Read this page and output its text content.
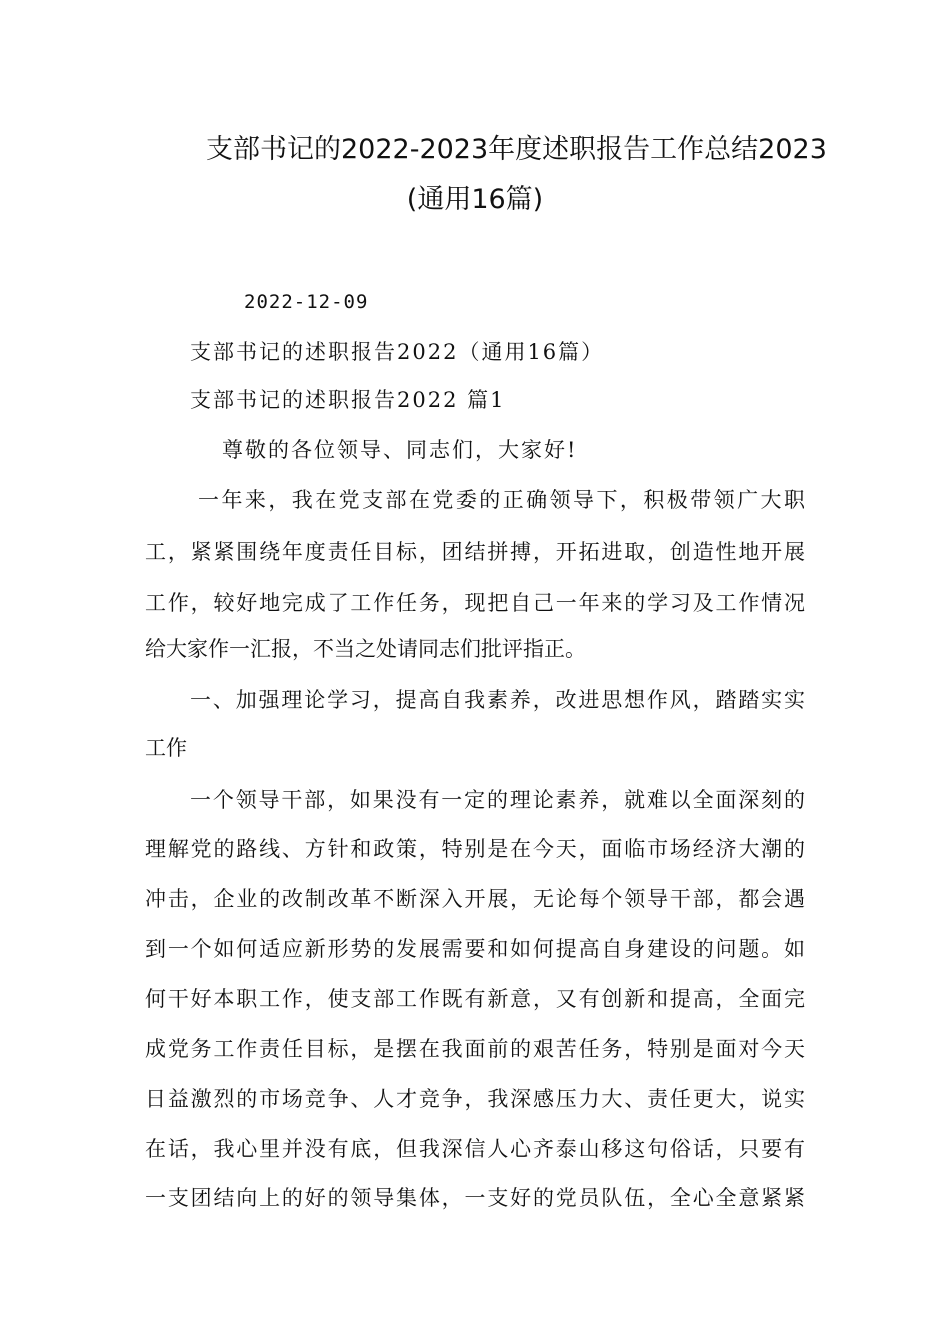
支部书记的2022-2023年度述职报告工作总结2023
(通用16篇)
2022-12-09
支部书记的述职报告2022（通用16篇）
支部书记的述职报告2022 篇1
尊敬的各位领导、同志们，大家好!
一年来，我在党支部在党委的正确领导下，积极带领广大职
工，紧紧围绕年度责任目标，团结拼搏，开拓进取，创造性地开展
工作，较好地完成了工作任务，现把自己一年来的学习及工作情况
给大家作一汇报，不当之处请同志们批评指正。
一、加强理论学习，提高自我素养，改进思想作风，踏踏实实
工作
一个领导干部，如果没有一定的理论素养，就难以全面深刻的
理解党的路线、方针和政策，特别是在今天，面临市场经济大潮的
冲击，企业的改制改革不断深入开展，无论每个领导干部，都会遇
到一个如何适应新形势的发展需要和如何提高自身建设的问题。如
何干好本职工作，使支部工作既有新意，又有创新和提高，全面完
成党务工作责任目标，是摆在我面前的艰苦任务，特别是面对今天
日益激烈的市场竞争、人才竞争，我深感压力大、责任更大，说实
在话，我心里并没有底，但我深信人心齐泰山移这句俗话，只要有
一支团结向上的好的领导集体，一支好的党员队伍，全心全意紧紧
